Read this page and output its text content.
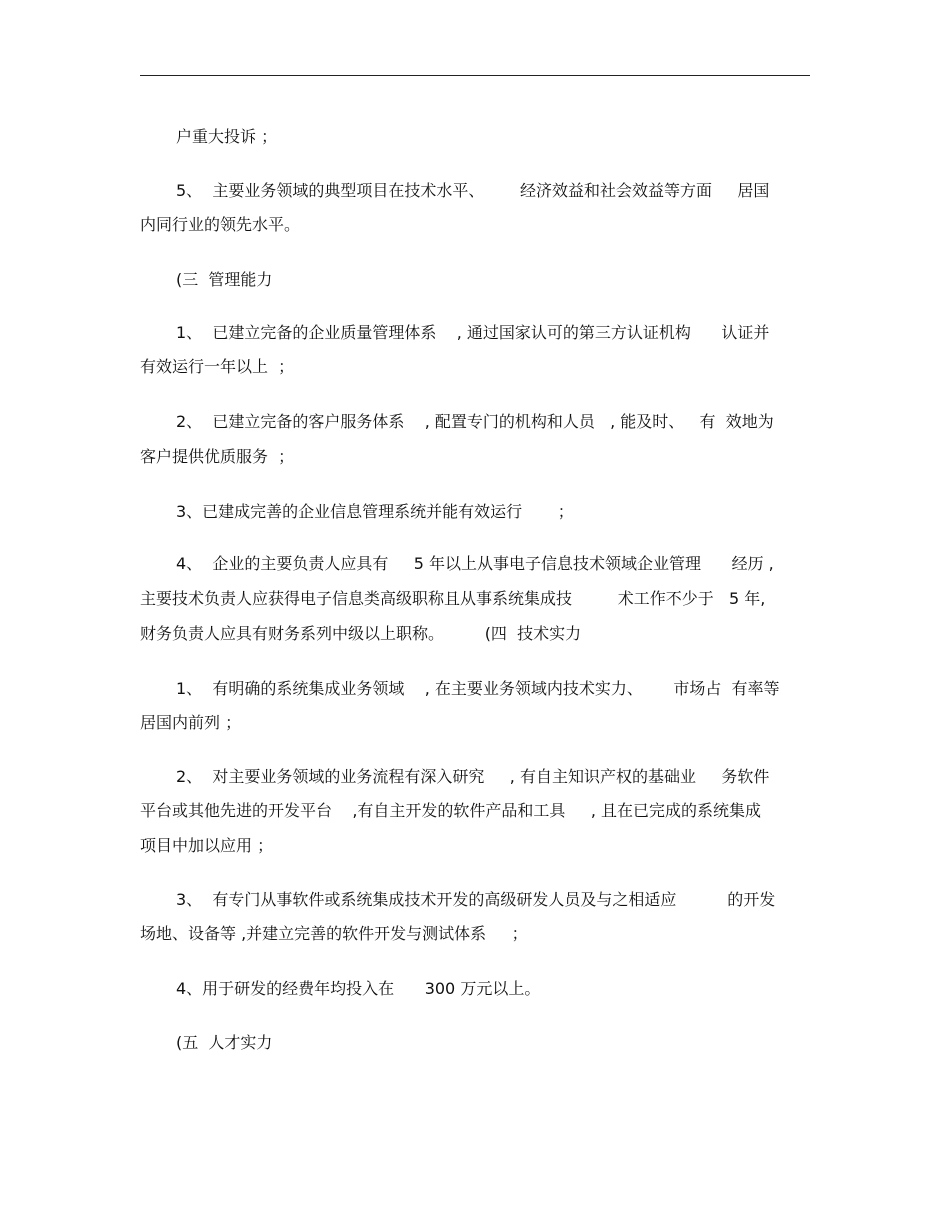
户重大投诉 ；
5、  主要业务领域的典型项目在技术水平、       经济效益和社会效益等方面     居国
内同行业的领先水平。
(三  管理能力
1、  已建立完备的企业质量管理体系    , 通过国家认可的第三方认证机构      认证并
有效运行一年以上  ；
2、  已建立完备的客户服务体系    , 配置专门的机构和人员   , 能及时、   有  效地为
客户提供优质服务  ；
3、已建成完善的企业信息管理系统并能有效运行       ；
4、  企业的主要负责人应具有     5 年以上从事电子信息技术领域企业管理      经历 ,
主要技术负责人应获得电子信息类高级职称且从事系统集成技         术工作不少于   5 年,
财务负责人应具有财务系列中级以上职称。        (四  技术实力
1、  有明确的系统集成业务领域    , 在主要业务领域内技术实力、      市场占  有率等
居国内前列 ；
2、  对主要业务领域的业务流程有深入研究     , 有自主知识产权的基础业     务软件
平台或其他先进的开发平台    ,有自主开发的软件产品和工具     , 且在已完成的系统集成
项目中加以应用 ；
3、  有专门从事软件或系统集成技术开发的高级研发人员及与之相适应          的开发
场地、设备等 ,并建立完善的软件开发与测试体系     ；
4、用于研发的经费年均投入在      300 万元以上。
(五  人才实力
